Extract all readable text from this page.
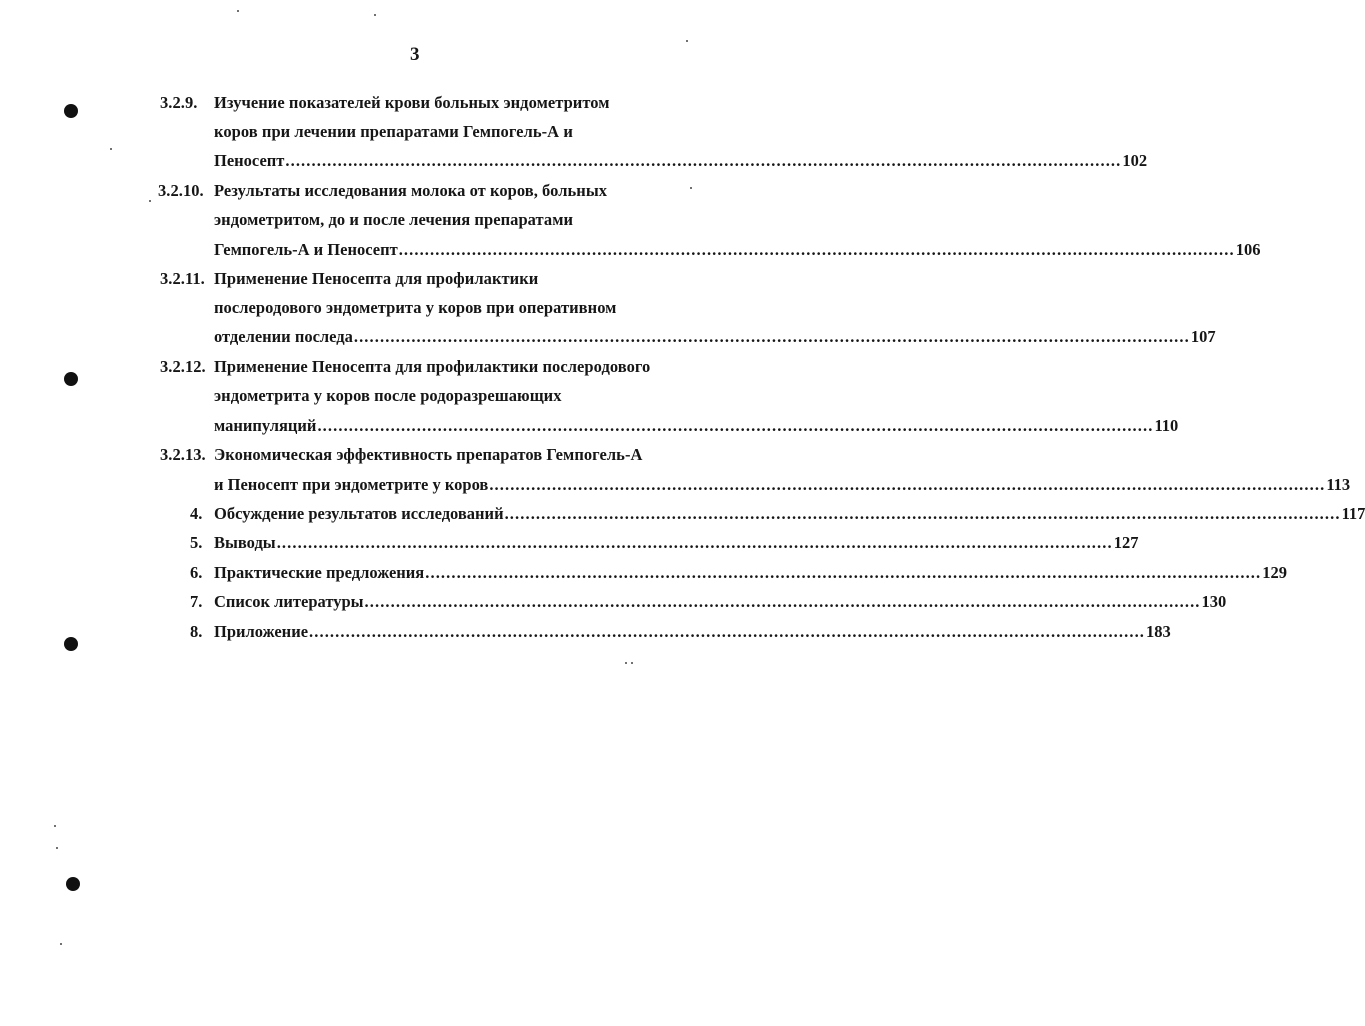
3
3.2.9. Изучение показателей крови больных эндометритом
коров при лечении препаратами Гемпогель-А и
Пеносепт ................................................................................................................................................................ 102
3.2.10. Результаты исследования молока от коров, больных
эндометритом, до и после лечения препаратами
Гемпогель-А и Пеносепт ................................................................................................................................................................ 106
3.2.11. Применение Пеносепта для профилактики
послеродового эндометрита у коров при оперативном
отделении последа ................................................................................................................................................................ 107
3.2.12. Применение Пеносепта для профилактики послеродового
эндометрита у коров после родоразрешающих
манипуляций ................................................................................................................................................................ 110
3.2.13. Экономическая эффективность препаратов Гемпогель-А
и Пеносепт при эндометрите у коров ................................................................................................................................................................ 113
4. Обсуждение результатов исследований ................................................................................................................................................................ 117
5. Выводы ................................................................................................................................................................ 127
6. Практические предложения ................................................................................................................................................................ 129
7. Список литературы ................................................................................................................................................................ 130
8. Приложение ................................................................................................................................................................ 183
